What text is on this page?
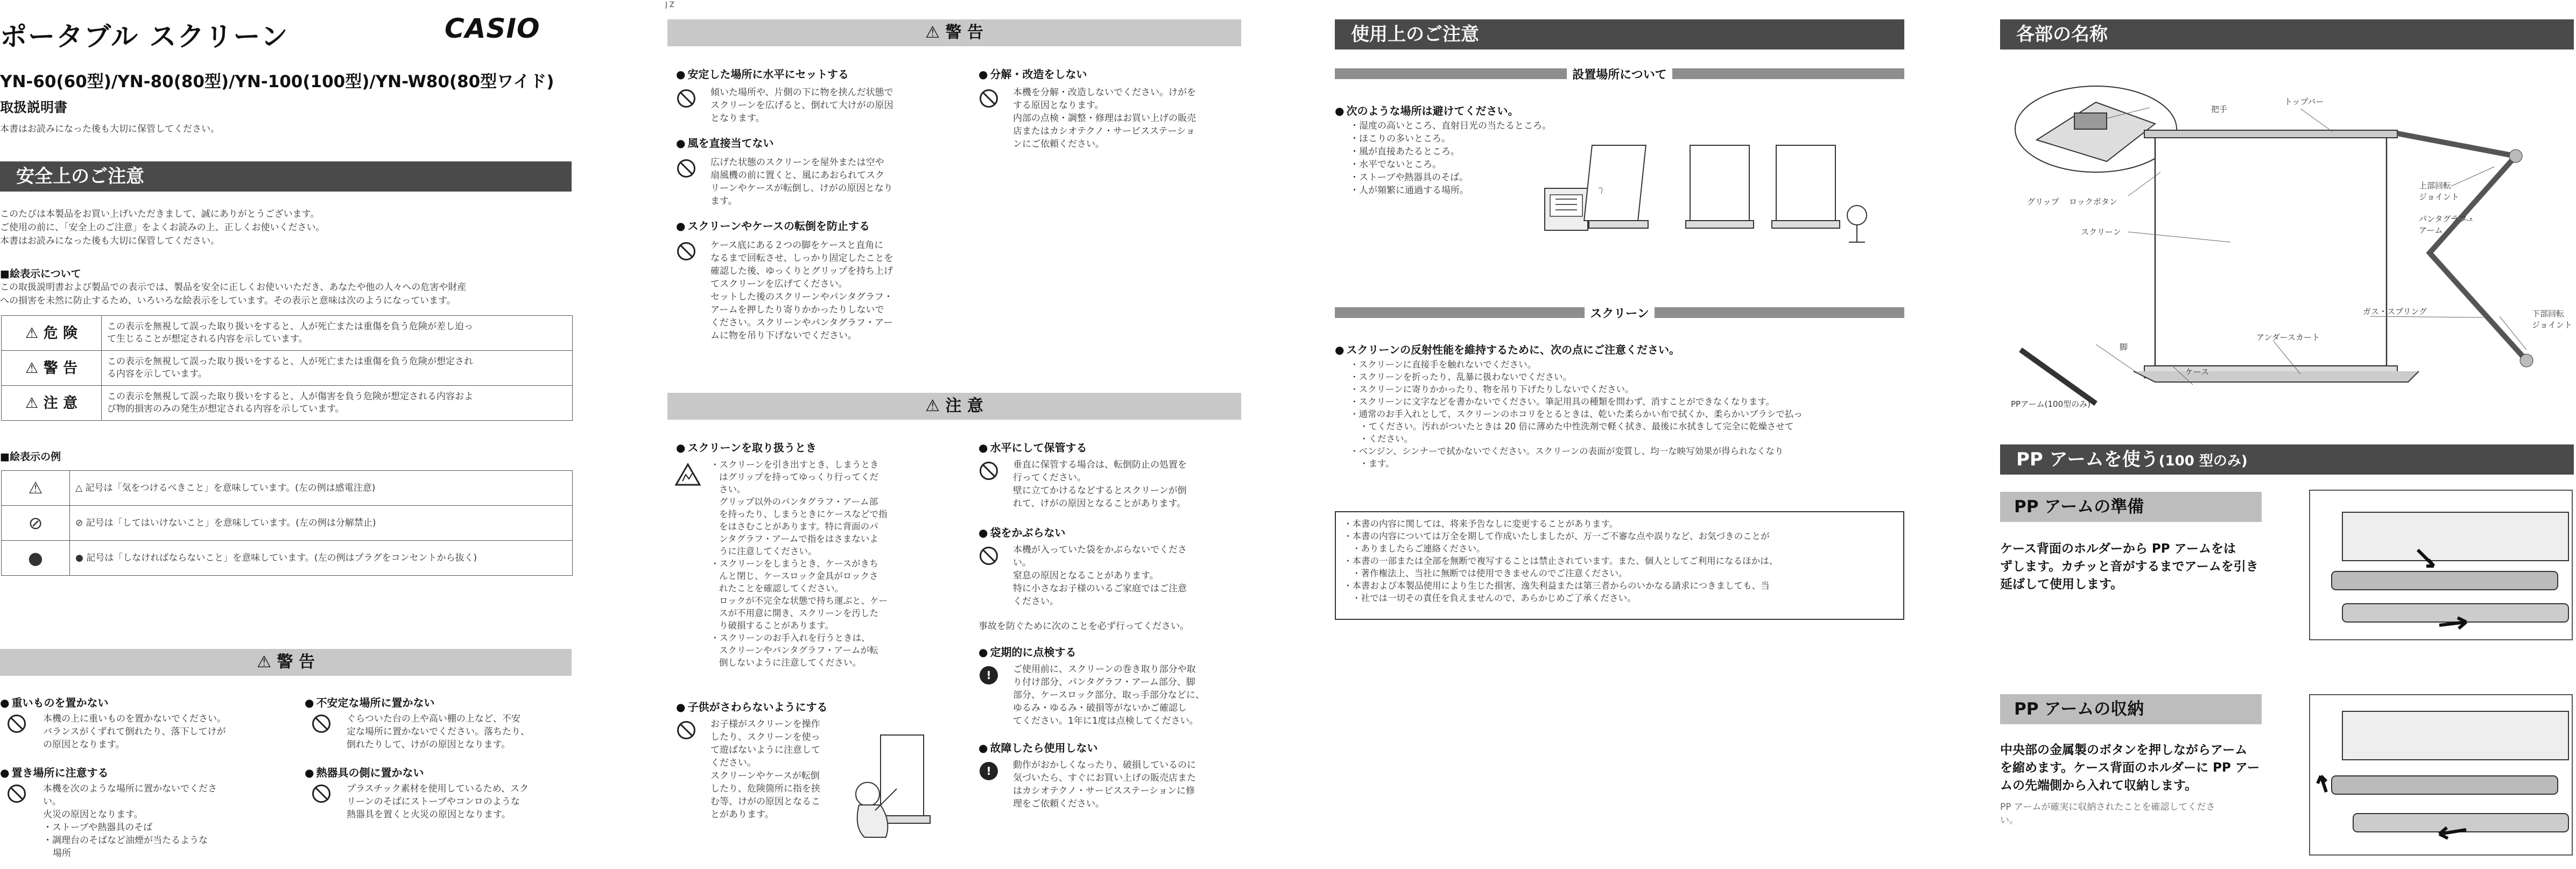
ポータブル スクリーン	CASIO
YN-60(60型)/YN-80(80型)/YN-100(100型)/YN-W80(80型ワイド)
取扱説明書
本書はお読みになった後も大切に保管してください。
安全上のご注意
このたびは本製品をお買い上げいただきまして、誠にありがとうございます。
ご使用の前に、「安全上のご注意」をよくお読みの上、正しくお使いください。
本書はお読みになった後も大切に保管してください。
■絵表示について
この取扱説明書および製品での表示では、製品を安全に正しくお使いいただき、あなたや他の人々への危害や財産
への損害を未然に防止するため、いろいろな絵表示をしています。その表示と意味は次のようになっています。
⚠ 危 険	この表示を無視して誤った取り扱いをすると、人が死亡または重傷を負う危険が差し迫っ
て生じることが想定される内容を示しています。

⚠ 警 告	この表示を無視して誤った取り扱いをすると、人が死亡または重傷を負う危険が想定され
る内容を示しています。

⚠ 注 意	この表示を無視して誤った取り扱いをすると、人が傷害を負う危険が想定される内容およ
び物的損害のみの発生が想定される内容を示しています。
■絵表示の例
⚠	△ 記号は「気をつけるべきこと」を意味しています。(左の例は感電注意)
⊘	⊘ 記号は「してはいけないこと」を意味しています。(左の例は分解禁止)
●	● 記号は「しなければならないこと」を意味しています。(左の例はプラグをコンセントから抜く)
⚠ 警 告
● 重いものを置かない
本機の上に重いものを置かないでください。
バランスがくずれて倒れたり、落下してけが
の原因となります。
● 置き場所に注意する
本機を次のような場所に置かないでくださ
い。
火災の原因となります。
・ストーブや熱器具のそば
・調理台のそばなど油煙が当たるような
場所
● 不安定な場所に置かない
ぐらついた台の上や高い棚の上など、不安
定な場所に置かないでください。落ちたり、
倒れたりして、けがの原因となります。
● 熱器具の側に置かない
プラスチック素材を使用しているため、スク
リーンのそばにストーブやコンロのような
熱器具を置くと火災の原因となります。
J Z
⚠ 警 告
● 安定した場所に水平にセットする
傾いた場所や、片側の下に物を挟んだ状態で
スクリーンを広げると、倒れて大けがの原因
となります。
● 風を直接当てない
広げた状態のスクリーンを屋外または空や
扇風機の前に置くと、風にあおられてスク
リーンやケースが転倒し、けがの原因となり
ます。
● スクリーンやケースの転倒を防止する
ケース底にある２つの脚をケースと直角に
なるまで回転させ、しっかり固定したことを
確認した後、ゆっくりとグリップを持ち上げ
てスクリーンを広げてください。
セットした後のスクリーンやパンタグラフ・
アームを押したり寄りかかったりしないで
ください。スクリーンやパンタグラフ・アー
ムに物を吊り下げないでください。
● 分解・改造をしない
本機を分解・改造しないでください。けがを
する原因となります。
内部の点検・調整・修理はお買い上げの販売
店またはカシオテクノ・サービスステーショ
ンにご依頼ください。
⚠ 注 意
● スクリーンを取り扱うとき
・スクリーンを引き出すとき、しまうとき
はグリップを持ってゆっくり行ってくだ
さい。
グリップ以外のパンタグラフ・アーム部
を持ったり、しまうときにケースなどで指
をはさむことがあります。特に背面のパ
ンタグラフ・アームで指をはさまないよ
うに注意してください。
・スクリーンをしまうとき、ケースがきち
んと閉じ、ケースロック金具がロックさ
れたことを確認してください。
ロックが不完全な状態で持ち運ぶと、ケー
スが不用意に開き、スクリーンを汚した
り破損することがあります。
・スクリーンのお手入れを行うときは、
スクリーンやパンタグラフ・アームが転
倒しないように注意してください。
● 子供がさわらないようにする
お子様がスクリーンを操作
したり、スクリーンを使っ
て遊ばないように注意して
ください。
スクリーンやケースが転倒
したり、危険箇所に指を挟
む等、けがの原因となるこ
とがあります。
● 水平にして保管する
垂直に保管する場合は、転倒防止の処置を
行ってください。
壁に立てかけるなどするとスクリーンが倒
れて、けがの原因となることがあります。
● 袋をかぶらない
本機が入っていた袋をかぶらないでくださ
い。
窒息の原因となることがあります。
特に小さなお子様のいるご家庭ではご注意
ください。
事故を防ぐために次のことを必ず行ってください。
● 定期的に点検する
!	ご使用前に、スクリーンの巻き取り部分や取
り付け部分、パンタグラフ・アーム部分、脚
部分、ケースロック部分、取っ手部分などに、
ゆるみ・ゆるみ・破損等がないかご確認し
てください。1年に1度は点検してください。
● 故障したら使用しない
!	動作がおかしくなったり、破損しているのに
気づいたら、すぐにお買い上げの販売店また
はカシオテクノ・サービスステーションに修
理をご依頼ください。
使用上のご注意
設置場所について
● 次のような場所は避けてください。
・ 湿度の高いところ、直射日光の当たるところ。
・ ほこりの多いところ。
・ 風が直接あたるところ。
・ 水平でないところ。
・ ストーブや熱器具のそば。
・ 人が頻繁に通過する場所。
スクリーン
● スクリーンの反射性能を維持するために、次の点にご注意ください。
・ スクリーンに直接手を触れないでください。
・ スクリーンを折ったり、乱暴に扱わないでください。
・ スクリーンに寄りかかったり、物を吊り下げたりしないでください。
・ スクリーンに文字などを書かないでください。筆記用具の種類を問わず、消すことができなくなります。
・ 通常のお手入れとして、スクリーンのホコリをとるときは、乾いた柔らかい布で拭くか、柔らかいブラシで払っ
・ てください。汚れがついたときは 20 倍に薄めた中性洗剤で軽く拭き、最後に水拭きして完全に乾燥させて
・ ください。
・ ベンジン、シンナーで拭かないでください。スクリーンの表面が変質し、均一な映写効果が得られなくなり
・ ます。
・ 本書の内容に関しては、将来予告なしに変更することがあります。
・ 本書の内容については万全を期して作成いたしましたが、万一ご不審な点や誤りなど、お気づきのことが
・ ありましたらご連絡ください。
・ 本書の一部または全部を無断で複写することは禁止されています。また、個人としてご利用になるほかは、
・ 著作権法上、当社に無断では使用できませんのでご注意ください。
・ 本書および本製品使用により生じた損害、逸失利益または第三者からのいかなる請求につきましても、当
・ 社では一切その責任を負えませんので、あらかじめご了承ください。
各部の名称
把手
トップバー
グリップ ロックボタン
上部回転
ジョイント
パンタグラフ・
アーム
スクリーン
ガス・スプリング	下部回転
ジョイント
アンダースカート
脚
ケース
PPアーム(100型のみ)
PP アームを使う(100 型のみ)
PP アームの準備
ケース背面のホルダーから PP アームをは
ずします。カチッと音がするまでアームを引き
延ばして使用します。
PP アームの収納
中央部の金属製のボタンを押しながらアーム
を縮めます。ケース背面のホルダーに PP アー
ムの先端側から入れて収納します。
PP アームが確実に収納されたことを確認してくださ
い。
